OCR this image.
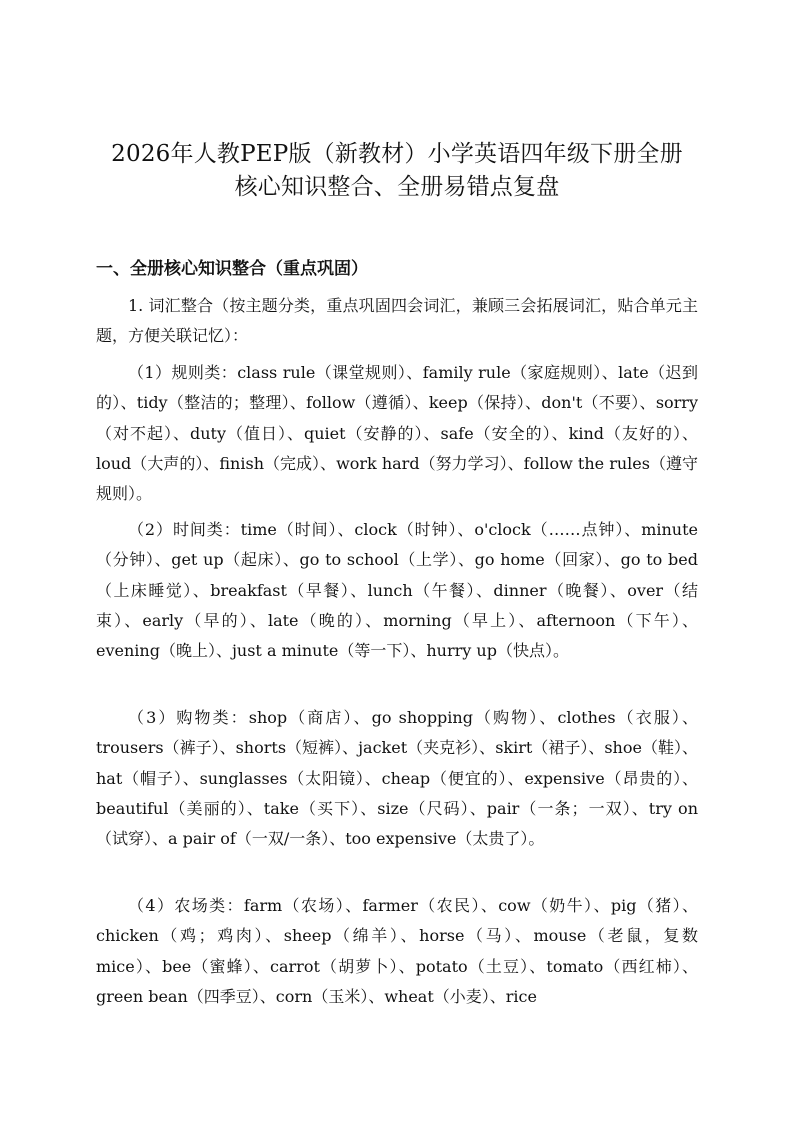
2026年人教PEP版（新教材）小学英语四年级下册全册
核心知识整合、全册易错点复盘
一、全册核心知识整合（重点巩固）

1. 词汇整合（按主题分类，重点巩固四会词汇，兼顾三会拓展词汇，贴合单元主题，方便关联记忆）：

（1）规则类：class rule（课堂规则）、family rule（家庭规则）、late（迟到的）、tidy（整洁的；整理）、follow（遵循）、keep（保持）、don't（不要）、sorry（对不起）、duty（值日）、quiet（安静的）、safe（安全的）、kind（友好的）、loud（大声的）、finish（完成）、work hard（努力学习）、follow the rules（遵守规则）。

（2）时间类：time（时间）、clock（时钟）、o'clock（……点钟）、minute（分钟）、get up（起床）、go to school（上学）、go home（回家）、go to bed（上床睡觉）、breakfast（早餐）、lunch（午餐）、dinner（晚餐）、over（结束）、early（早的）、late（晚的）、morning（早上）、afternoon（下午）、evening（晚上）、just a minute（等一下）、hurry up（快点）。

（3）购物类：shop（商店）、go shopping（购物）、clothes（衣服）、trousers（裤子）、shorts（短裤）、jacket（夹克衫）、skirt（裙子）、shoe（鞋）、hat（帽子）、sunglasses（太阳镜）、cheap（便宜的）、expensive（昂贵的）、beautiful（美丽的）、take（买下）、size（尺码）、pair（一条；一双）、try on（试穿）、a pair of（一双/一条）、too expensive（太贵了）。

（4）农场类：farm（农场）、farmer（农民）、cow（奶牛）、pig（猪）、chicken（鸡；鸡肉）、sheep（绵羊）、horse（马）、mouse（老鼠，复数 mice）、bee（蜜蜂）、carrot（胡萝卜）、potato（土豆）、tomato（西红柿）、green bean（四季豆）、corn（玉米）、wheat（小麦）、rice
